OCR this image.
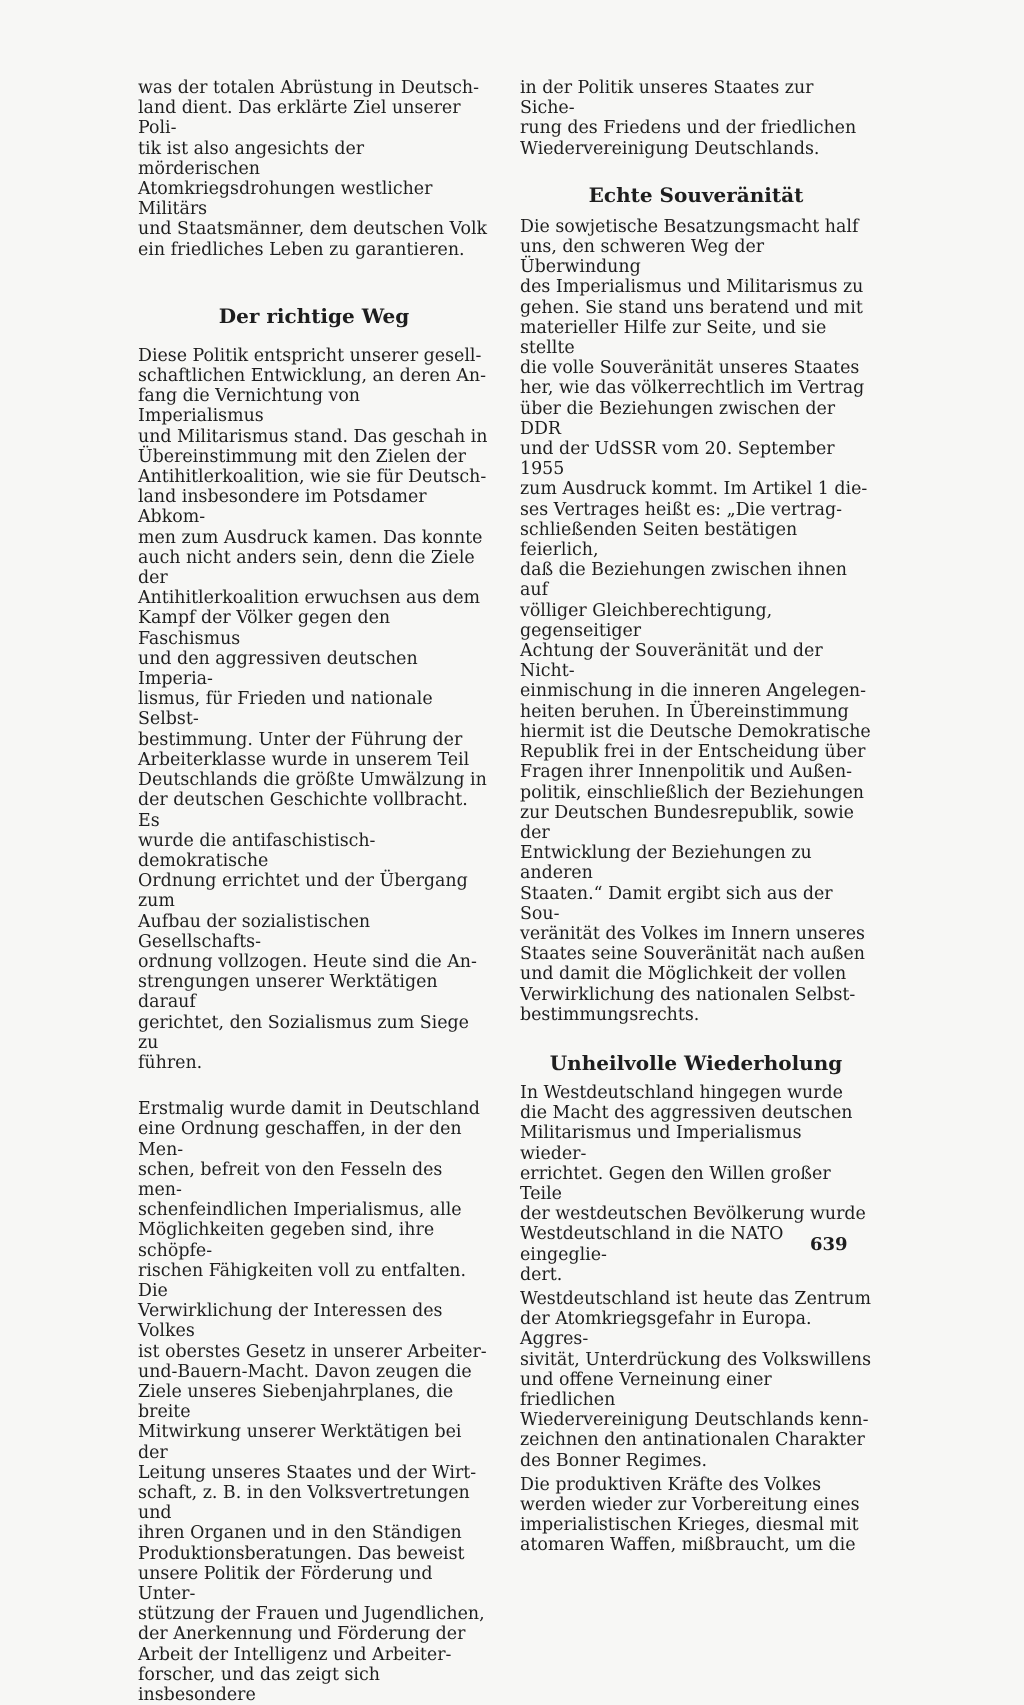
was der totalen Abrüstung in Deutsch-
land dient. Das erklärte Ziel unserer Poli-
tik ist also angesichts der mörderischen
Atomkriegsdrohungen westlicher Militärs
und Staatsmänner, dem deutschen Volk
ein friedliches Leben zu garantieren.

Der richtige Weg

Diese Politik entspricht unserer gesell-
schaftlichen Entwicklung, an deren An-
fang die Vernichtung von Imperialismus
und Militarismus stand. Das geschah in
Übereinstimmung mit den Zielen der
Antihitlerkoalition, wie sie für Deutsch-
land insbesondere im Potsdamer Abkom-
men zum Ausdruck kamen. Das konnte
auch nicht anders sein, denn die Ziele der
Antihitlerkoalition erwuchsen aus dem
Kampf der Völker gegen den Faschismus
und den aggressiven deutschen Imperia-
lismus, für Frieden und nationale Selbst-
bestimmung. Unter der Führung der
Arbeiterklasse wurde in unserem Teil
Deutschlands die größte Umwälzung in
der deutschen Geschichte vollbracht. Es
wurde die antifaschistisch-demokratische
Ordnung errichtet und der Übergang zum
Aufbau der sozialistischen Gesellschafts-
ordnung vollzogen. Heute sind die An-
strengungen unserer Werktätigen darauf
gerichtet, den Sozialismus zum Siege zu
führen.

Erstmalig wurde damit in Deutschland
eine Ordnung geschaffen, in der den Men-
schen, befreit von den Fesseln des men-
schenfeindlichen Imperialismus, alle
Möglichkeiten gegeben sind, ihre schöpfe-
rischen Fähigkeiten voll zu entfalten. Die
Verwirklichung der Interessen des Volkes
ist oberstes Gesetz in unserer Arbeiter-
und-Bauern-Macht. Davon zeugen die
Ziele unseres Siebenjahrplanes, die breite
Mitwirkung unserer Werktätigen bei der
Leitung unseres Staates und der Wirt-
schaft, z. B. in den Volksvertretungen und
ihren Organen und in den Ständigen
Produktionsberatungen. Das beweist
unsere Politik der Förderung und Unter-
stützung der Frauen und Jugendlichen,
der Anerkennung und Förderung der
Arbeit der Intelligenz und Arbeiter-
forscher, und das zeigt sich insbesondere

in der Politik unseres Staates zur Siche-
rung des Friedens und der friedlichen
Wiedervereinigung Deutschlands.

Echte Souveränität

Die sowjetische Besatzungsmacht half
uns, den schweren Weg der Überwindung
des Imperialismus und Militarismus zu
gehen. Sie stand uns beratend und mit
materieller Hilfe zur Seite, und sie stellte
die volle Souveränität unseres Staates
her, wie das völkerrechtlich im Vertrag
über die Beziehungen zwischen der DDR
und der UdSSR vom 20. September 1955
zum Ausdruck kommt. Im Artikel 1 die-
ses Vertrages heißt es: „Die vertrag-
schließenden Seiten bestätigen feierlich,
daß die Beziehungen zwischen ihnen auf
völliger Gleichberechtigung, gegenseitiger
Achtung der Souveränität und der Nicht-
einmischung in die inneren Angelegen-
heiten beruhen. In Übereinstimmung
hiermit ist die Deutsche Demokratische
Republik frei in der Entscheidung über
Fragen ihrer Innenpolitik und Außen-
politik, einschließlich der Beziehungen
zur Deutschen Bundesrepublik, sowie der
Entwicklung der Beziehungen zu anderen
Staaten.“ Damit ergibt sich aus der Sou-
veränität des Volkes im Innern unseres
Staates seine Souveränität nach außen
und damit die Möglichkeit der vollen
Verwirklichung des nationalen Selbst-
bestimmungsrechts.

Unheilvolle Wiederholung

In Westdeutschland hingegen wurde
die Macht des aggressiven deutschen
Militarismus und Imperialismus wieder-
errichtet. Gegen den Willen großer Teile
der westdeutschen Bevölkerung wurde
Westdeutschland in die NATO eingeglie-
dert.

Westdeutschland ist heute das Zentrum
der Atomkriegsgefahr in Europa. Aggres-
sivität, Unterdrückung des Volkswillens
und offene Verneinung einer friedlichen
Wiedervereinigung Deutschlands kenn-
zeichnen den antinationalen Charakter
des Bonner Regimes.

Die produktiven Kräfte des Volkes
werden wieder zur Vorbereitung eines
imperialistischen Krieges, diesmal mit
atomaren Waffen, mißbraucht, um die

639
